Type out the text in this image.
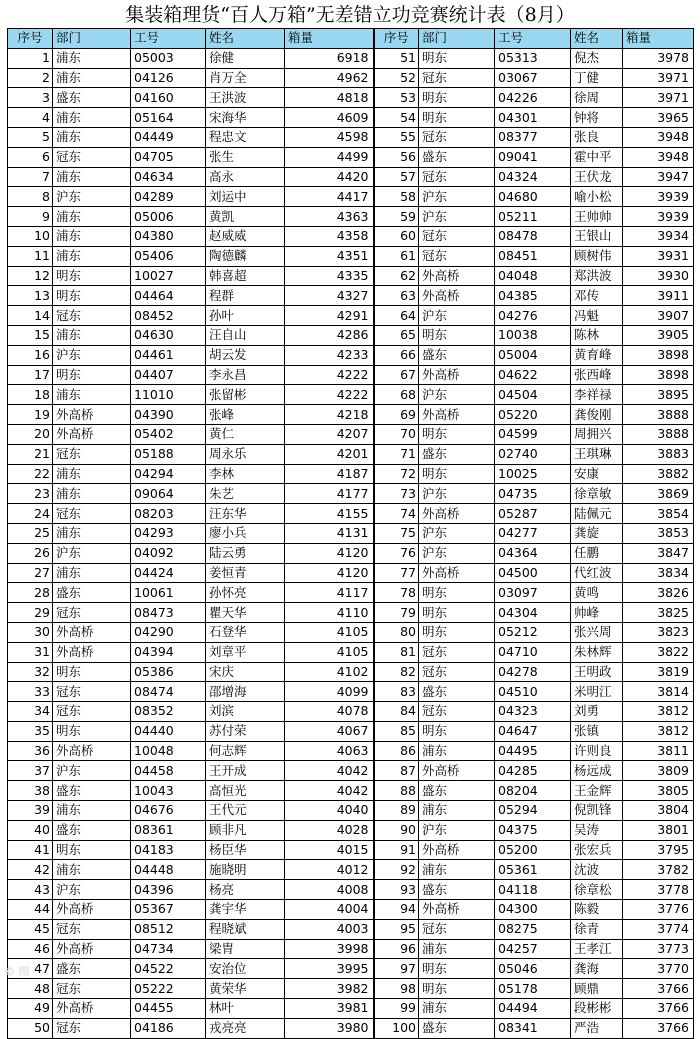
集装箱理货“百人万箱”无差错立功竞赛统计表（8月）
序号	部门	工号	姓名	箱量	序号	部门	工号	姓名	箱量
1	浦东	05003	徐健	6918	51	明东	05313	倪杰	3978
2	浦东	04126	肖万全	4962	52	冠东	03067	丁健	3971
3	盛东	04160	王洪波	4818	53	明东	04226	徐周	3971
4	浦东	05164	宋海华	4609	54	明东	04301	钟将	3965
5	浦东	04449	程忠文	4598	55	冠东	08377	张良	3948
6	冠东	04705	张生	4499	56	盛东	09041	霍中平	3948
7	浦东	04634	高永	4420	57	冠东	04324	王伏龙	3947
8	沪东	04289	刘运中	4417	58	沪东	04680	喻小松	3939
9	浦东	05006	黄凯	4363	59	沪东	05211	王帅帅	3939
10	浦东	04380	赵威威	4358	60	冠东	08478	王银山	3934
11	浦东	05406	陶德麟	4351	61	冠东	08451	顾树伟	3931
12	明东	10027	韩喜超	4335	62	外高桥	04048	郑洪波	3930
13	明东	04464	程群	4327	63	外高桥	04385	邓传	3911
14	冠东	08452	孙叶	4291	64	沪东	04276	冯魁	3907
15	浦东	04630	汪自山	4286	65	明东	10038	陈林	3905
16	沪东	04461	胡云发	4233	66	盛东	05004	黄育峰	3898
17	明东	04407	李永昌	4222	67	外高桥	04622	张西峰	3898
18	浦东	11010	张留彬	4222	68	沪东	04504	李祥禄	3895
19	外高桥	04390	张峰	4218	69	外高桥	05220	龚俊刚	3888
20	外高桥	05402	黄仁	4207	70	明东	04599	周拥兴	3888
21	冠东	05188	周永乐	4201	71	盛东	02740	王琪琳	3883
22	浦东	04294	李林	4187	72	明东	10025	安康	3882
23	浦东	09064	朱艺	4177	73	沪东	04735	徐章敏	3869
24	冠东	08203	汪东华	4155	74	外高桥	05287	陆佩元	3854
25	浦东	04293	廖小兵	4131	75	沪东	04277	龚旋	3853
26	沪东	04092	陆云勇	4120	76	沪东	04364	任鹏	3847
27	浦东	04424	姜恒青	4120	77	外高桥	04500	代红波	3834
28	盛东	10061	孙怀亮	4117	78	明东	03097	黄鸣	3826
29	冠东	08473	瞿天华	4110	79	明东	04304	帅峰	3825
30	外高桥	04290	石登华	4105	80	明东	05212	张兴周	3823
31	外高桥	04394	刘章平	4105	81	冠东	04710	朱林辉	3822
32	明东	05386	宋庆	4102	82	冠东	04278	王明政	3819
33	冠东	08474	邵增海	4099	83	盛东	04510	米明江	3814
34	冠东	08352	刘滨	4078	84	冠东	04323	刘勇	3812
35	明东	04440	苏付荣	4067	85	明东	04647	张镇	3812
36	外高桥	10048	何志辉	4063	86	浦东	04495	许则良	3811
37	沪东	04458	王开成	4042	87	外高桥	04285	杨远成	3809
38	盛东	10043	高恒光	4042	88	盛东	08204	王金辉	3805
39	浦东	04676	王代元	4040	89	浦东	05294	倪凯锋	3804
40	盛东	08361	顾非凡	4028	90	沪东	04375	吴涛	3801
41	明东	04183	杨臣华	4015	91	外高桥	05200	张宏兵	3795
42	浦东	04448	施晓明	4012	92	浦东	05361	沈波	3782
43	沪东	04396	杨亮	4008	93	盛东	04118	徐章松	3778
44	外高桥	05367	龚宇华	4004	94	外高桥	04300	陈毅	3776
45	冠东	08512	程晓斌	4003	95	冠东	08275	徐青	3774
46	外高桥	04734	梁胄	3998	96	浦东	04257	王孝江	3773
47	盛东	04522	安治位	3995	97	明东	05046	龚海	3770
48	冠东	05222	黄荣华	3982	98	明东	05178	顾鼎	3766
49	外高桥	04455	林叶	3981	99	浦东	04494	段彬彬	3766
50	冠东	04186	戎亮亮	3980	100	盛东	08341	严浩	3766
© 图
